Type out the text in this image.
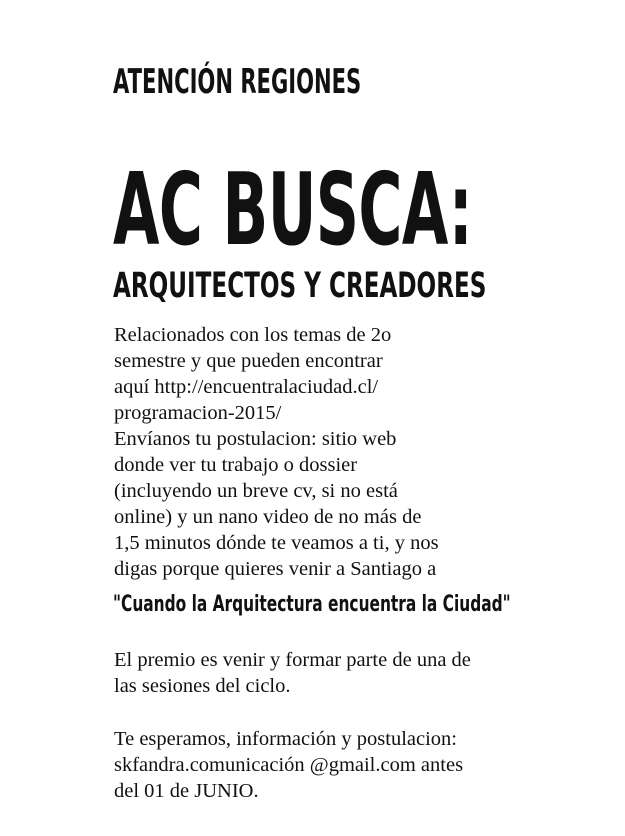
ATENCIÓN REGIONES
AC BUSCA:
ARQUITECTOS Y CREADORES
Relacionados con los temas de 2o
semestre y que pueden encontrar
aquí http://encuentralaciudad.cl/
programacion-2015/
Envíanos tu postulacion: sitio web
donde ver tu trabajo o dossier
(incluyendo un breve cv, si no está
online) y un nano video de no más de
1,5 minutos dónde te veamos a ti, y nos
digas porque quieres venir a Santiago a
"Cuando la Arquitectura encuentra la Ciudad"
El premio es venir y formar parte de una de
las sesiones del ciclo.
Te esperamos, información y postulacion:
skfandra.comunicación @gmail.com antes
del 01 de JUNIO.
